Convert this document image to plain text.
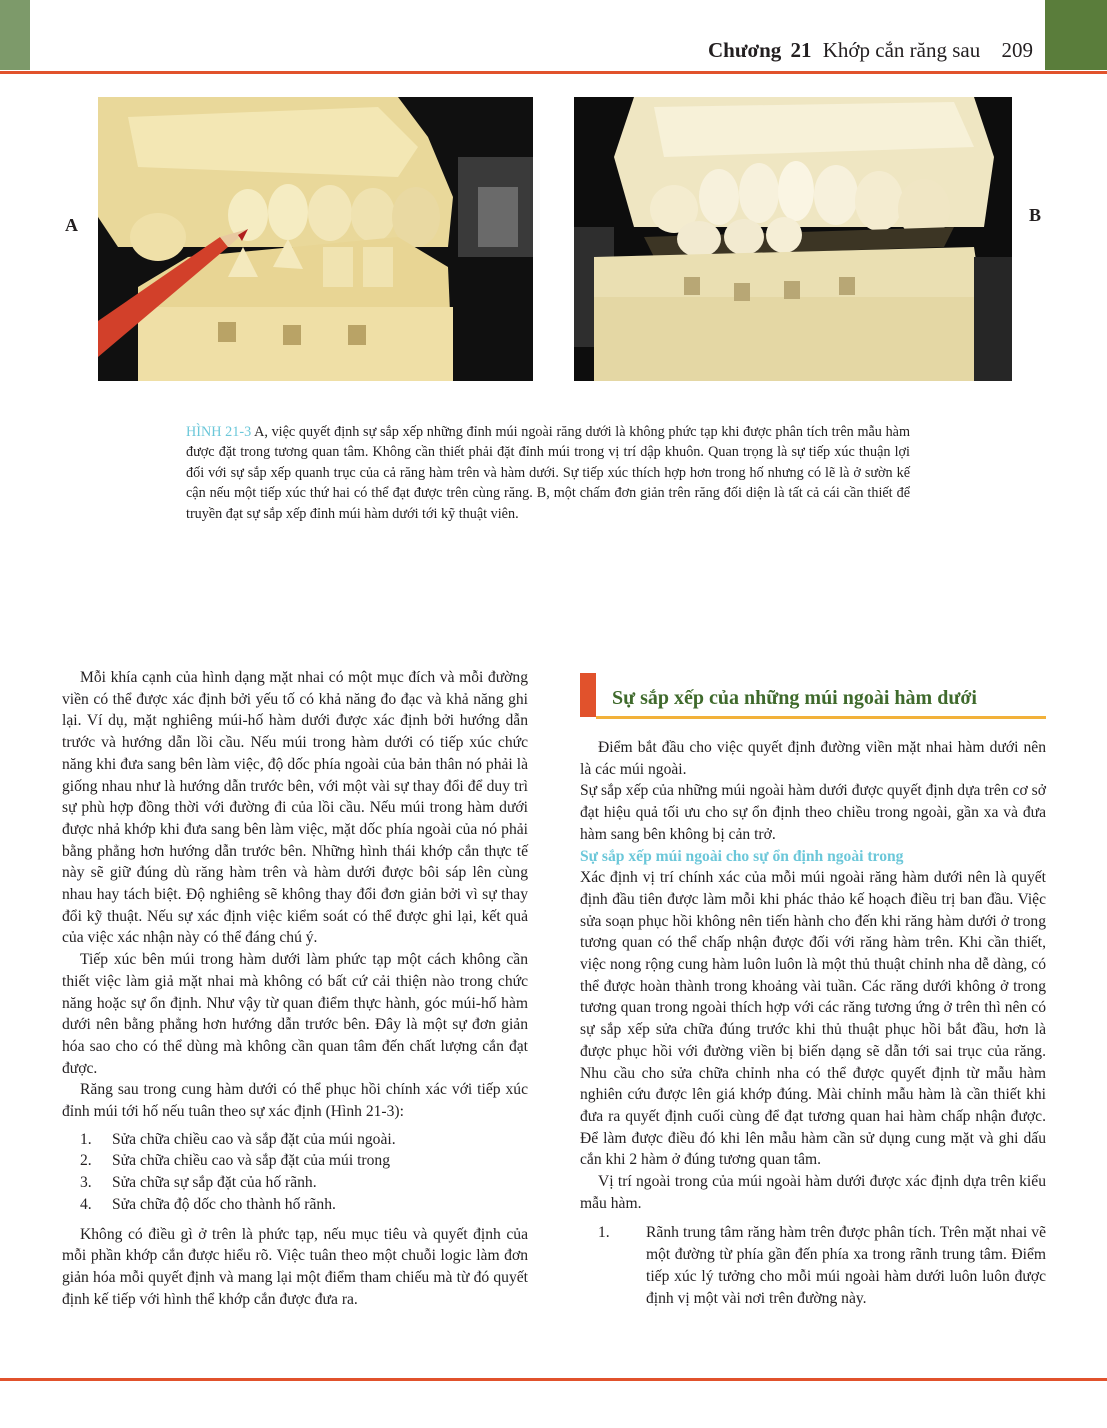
Chương 21 Khớp cắn răng sau 209
A	B
HÌNH 21-3 A, việc quyết định sự sắp xếp những đỉnh múi ngoài răng dưới là không phức tạp khi được phân tích trên mẫu hàm được đặt trong tương quan tâm. Không cần thiết phải đặt đỉnh múi trong vị trí dập khuôn. Quan trọng là sự tiếp xúc thuận lợi đối với sự sắp xếp quanh trục của cả răng hàm trên và hàm dưới. Sự tiếp xúc thích hợp hơn trong hố nhưng có lẽ là ở sườn kế cận nếu một tiếp xúc thứ hai có thể đạt được trên cùng răng. B, một chấm đơn giản trên răng đối diện là tất cả cái cần thiết để truyền đạt sự sắp xếp đỉnh múi hàm dưới tới kỹ thuật viên.

Mỗi khía cạnh của hình dạng mặt nhai có một mục đích và mỗi đường viền có thể được xác định bởi yếu tố có khả năng đo đạc và khả năng ghi lại. Ví dụ, mặt nghiêng múi-hố hàm dưới được xác định bởi hướng dẫn trước và hướng dẫn lồi cầu. Nếu múi trong hàm dưới có tiếp xúc chức năng khi đưa sang bên làm việc, độ dốc phía ngoài của bản thân nó phải là giống nhau như là hướng dẫn trước bên, với một vài sự thay đổi để duy trì sự phù hợp đồng thời với đường đi của lồi cầu. Nếu múi trong hàm dưới được nhả khớp khi đưa sang bên làm việc, mặt dốc phía ngoài của nó phải bằng phẳng hơn hướng dẫn trước bên. Những hình thái khớp cắn thực tế này sẽ giữ đúng dù răng hàm trên và hàm dưới được bôi sáp lên cùng nhau hay tách biệt. Độ nghiêng sẽ không thay đổi đơn giản bởi vì sự thay đổi kỹ thuật. Nếu sự xác định việc kiểm soát có thể được ghi lại, kết quả của việc xác nhận này có thể đáng chú ý.

Tiếp xúc bên múi trong hàm dưới làm phức tạp một cách không cần thiết việc làm giả mặt nhai mà không có bất cứ cải thiện nào trong chức năng hoặc sự ổn định. Như vậy từ quan điểm thực hành, góc múi-hố hàm dưới nên bằng phẳng hơn hướng dẫn trước bên. Đây là một sự đơn giản hóa sao cho có thể dùng mà không cần quan tâm đến chất lượng cắn đạt được.

Răng sau trong cung hàm dưới có thể phục hồi chính xác với tiếp xúc đỉnh múi tới hố nếu tuân theo sự xác định (Hình 21-3):

1.	Sửa chữa chiều cao và sắp đặt của múi ngoài.
2.	Sửa chữa chiều cao và sắp đặt của múi trong
3.	Sửa chữa sự sắp đặt của hố rãnh.
4.	Sửa chữa độ dốc cho thành hố rãnh.

Không có điều gì ở trên là phức tạp, nếu mục tiêu và quyết định của mỗi phần khớp cắn được hiểu rõ. Việc tuân theo một chuỗi logic làm đơn giản hóa mỗi quyết định và mang lại một điểm tham chiếu mà từ đó quyết định kế tiếp với hình thể khớp cắn được đưa ra.

Sự sắp xếp của những múi ngoài hàm dưới

Điểm bắt đầu cho việc quyết định đường viền mặt nhai hàm dưới nên là các múi ngoài.

Sự sắp xếp của những múi ngoài hàm dưới được quyết định dựa trên cơ sở đạt hiệu quả tối ưu cho sự ổn định theo chiều trong ngoài, gần xa và đưa hàm sang bên không bị cản trở.

Sự sắp xếp múi ngoài cho sự ổn định ngoài trong

Xác định vị trí chính xác của mỗi múi ngoài răng hàm dưới nên là quyết định đầu tiên được làm mỗi khi phác thảo kế hoạch điều trị ban đầu. Việc sửa soạn phục hồi không nên tiến hành cho đến khi răng hàm dưới ở trong tương quan có thể chấp nhận được đối với răng hàm trên. Khi cần thiết, việc nong rộng cung hàm luôn luôn là một thủ thuật chỉnh nha dễ dàng, có thể được hoàn thành trong khoảng vài tuần. Các răng dưới không ở trong tương quan trong ngoài thích hợp với các răng tương ứng ở trên thì nên có sự sắp xếp sửa chữa đúng trước khi thủ thuật phục hồi bắt đầu, hơn là được phục hồi với đường viền bị biến dạng sẽ dẫn tới sai trục của răng. Nhu cầu cho sửa chữa chỉnh nha có thể được quyết định từ mẫu hàm nghiên cứu được lên giá khớp đúng. Mài chỉnh mẫu hàm là cần thiết khi đưa ra quyết định cuối cùng để đạt tương quan hai hàm chấp nhận được. Để làm được điều đó khi lên mẫu hàm cần sử dụng cung mặt và ghi dấu cắn khi 2 hàm ở đúng tương quan tâm.

Vị trí ngoài trong của múi ngoài hàm dưới được xác định dựa trên kiểu mẫu hàm.

1.	Rãnh trung tâm răng hàm trên được phân tích. Trên mặt nhai vẽ một đường từ phía gần đến phía xa trong rãnh trung tâm. Điểm tiếp xúc lý tưởng cho mỗi múi ngoài hàm dưới luôn luôn được định vị một vài nơi trên đường này.
